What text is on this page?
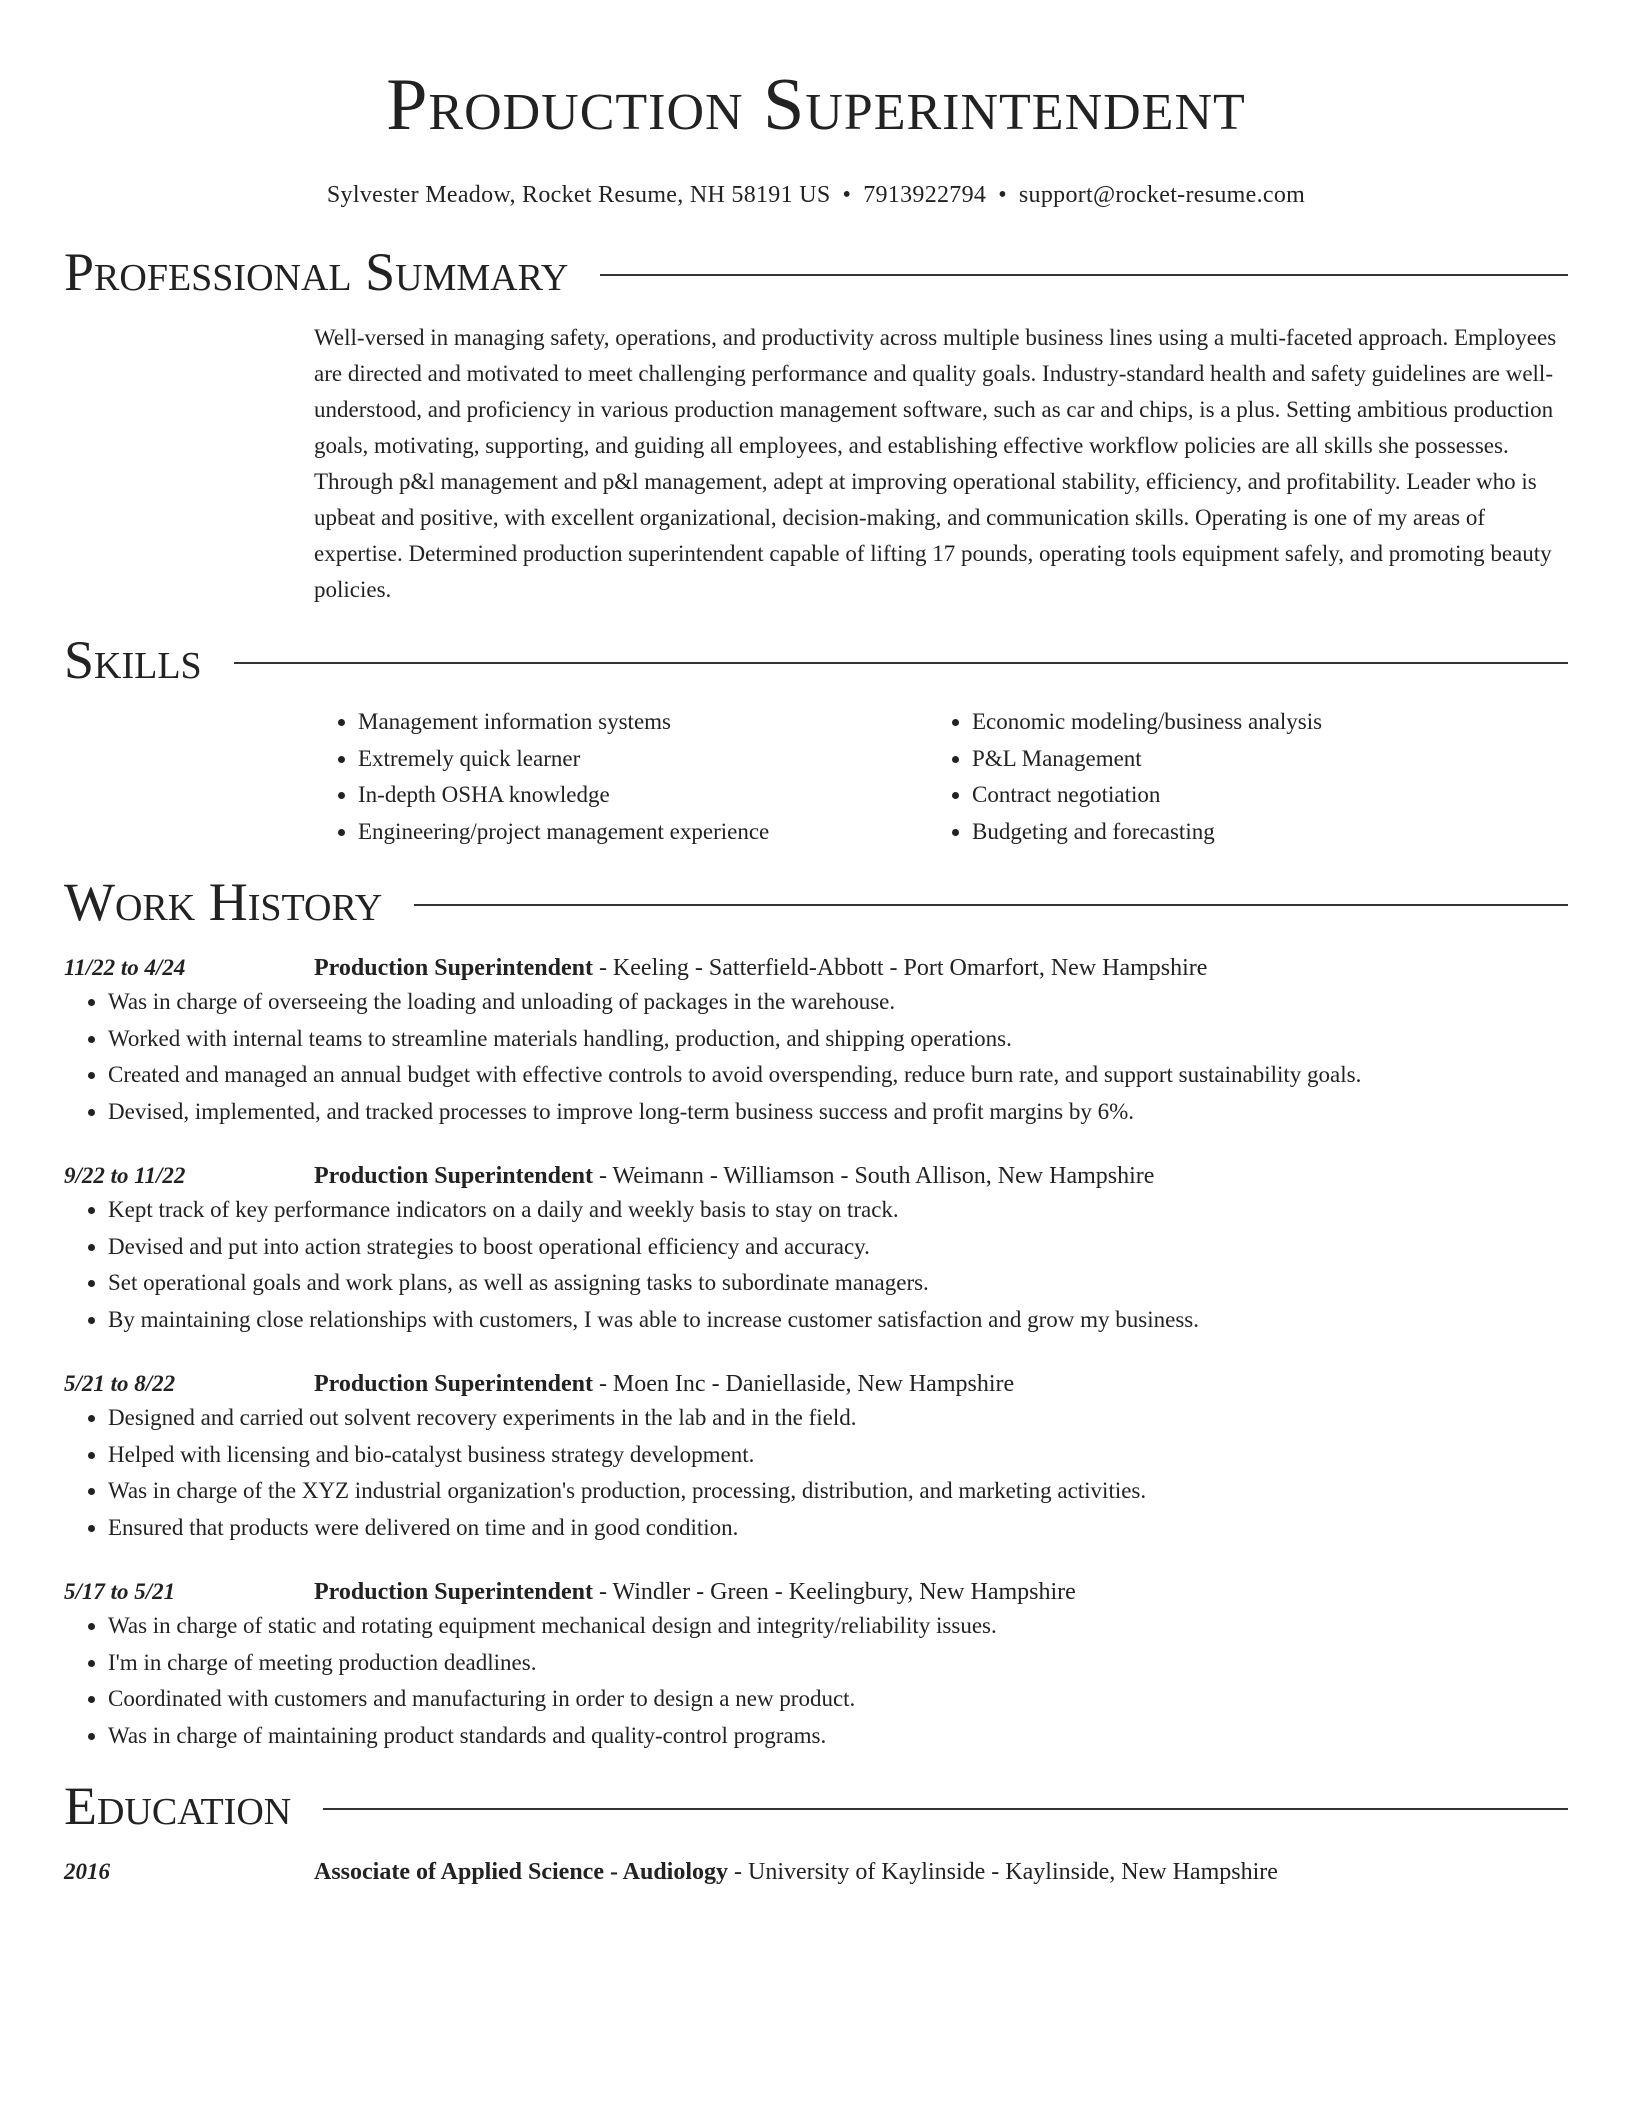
Production Superintendent
Sylvester Meadow, Rocket Resume, NH 58191 US • 7913922794 • support@rocket-resume.com
Professional Summary
Well-versed in managing safety, operations, and productivity across multiple business lines using a multi-faceted approach. Employees are directed and motivated to meet challenging performance and quality goals. Industry-standard health and safety guidelines are well-understood, and proficiency in various production management software, such as car and chips, is a plus. Setting ambitious production goals, motivating, supporting, and guiding all employees, and establishing effective workflow policies are all skills she possesses. Through p&l management and p&l management, adept at improving operational stability, efficiency, and profitability. Leader who is upbeat and positive, with excellent organizational, decision-making, and communication skills. Operating is one of my areas of expertise. Determined production superintendent capable of lifting 17 pounds, operating tools equipment safely, and promoting beauty policies.
Skills
• Management information systems
• Extremely quick learner
• In-depth OSHA knowledge
• Engineering/project management experience
• Economic modeling/business analysis
• P&L Management
• Contract negotiation
• Budgeting and forecasting
Work History
11/22 to 4/24	Production Superintendent - Keeling - Satterfield-Abbott - Port Omarfort, New Hampshire
• Was in charge of overseeing the loading and unloading of packages in the warehouse.
• Worked with internal teams to streamline materials handling, production, and shipping operations.
• Created and managed an annual budget with effective controls to avoid overspending, reduce burn rate, and support sustainability goals.
• Devised, implemented, and tracked processes to improve long-term business success and profit margins by 6%.
9/22 to 11/22	Production Superintendent - Weimann - Williamson - South Allison, New Hampshire
• Kept track of key performance indicators on a daily and weekly basis to stay on track.
• Devised and put into action strategies to boost operational efficiency and accuracy.
• Set operational goals and work plans, as well as assigning tasks to subordinate managers.
• By maintaining close relationships with customers, I was able to increase customer satisfaction and grow my business.
5/21 to 8/22	Production Superintendent - Moen Inc - Daniellaside, New Hampshire
• Designed and carried out solvent recovery experiments in the lab and in the field.
• Helped with licensing and bio-catalyst business strategy development.
• Was in charge of the XYZ industrial organization's production, processing, distribution, and marketing activities.
• Ensured that products were delivered on time and in good condition.
5/17 to 5/21	Production Superintendent - Windler - Green - Keelingbury, New Hampshire
• Was in charge of static and rotating equipment mechanical design and integrity/reliability issues.
• I'm in charge of meeting production deadlines.
• Coordinated with customers and manufacturing in order to design a new product.
• Was in charge of maintaining product standards and quality-control programs.
Education
2016	Associate of Applied Science - Audiology - University of Kaylinside - Kaylinside, New Hampshire
